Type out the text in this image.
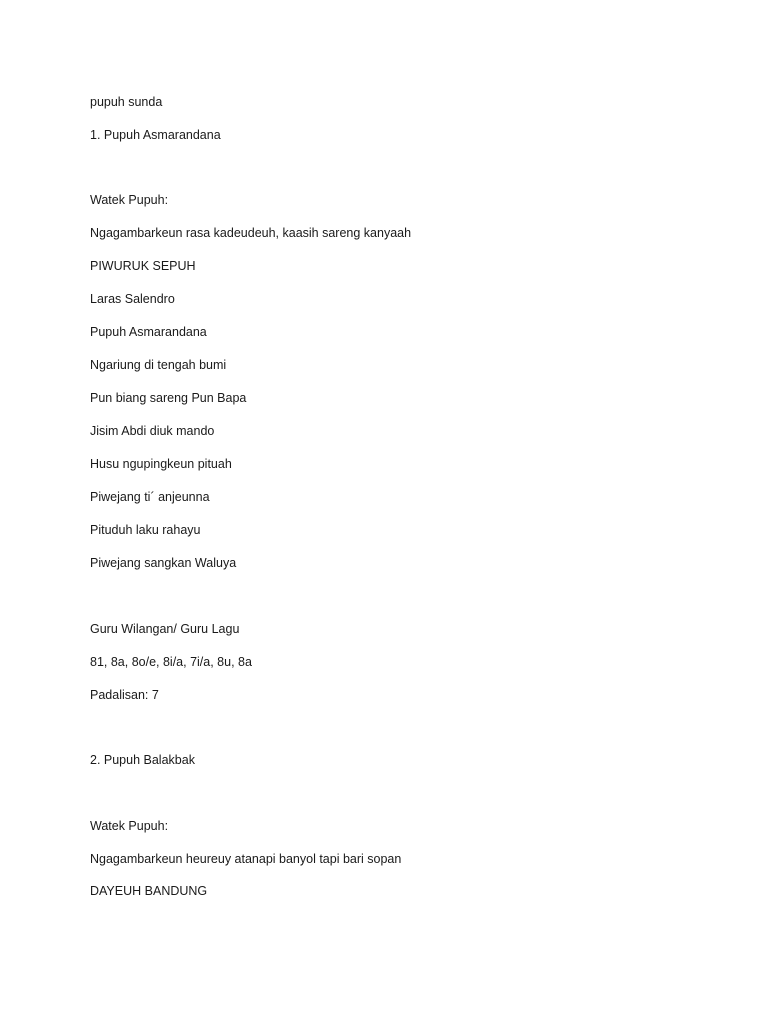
pupuh sunda

1. Pupuh Asmarandana

Watek Pupuh:

Ngagambarkeun rasa kadeudeuh, kaasih sareng kanyaah

PIWURUK SEPUH

Laras Salendro

Pupuh Asmarandana

Ngariung di tengah bumi

Pun biang sareng Pun Bapa

Jisim Abdi diuk mando

Husu ngupingkeun pituah

Piwejang ti´ anjeunna

Pituduh laku rahayu

Piwejang sangkan Waluya

Guru Wilangan/ Guru Lagu

81, 8a, 8o/e, 8i/a, 7i/a, 8u, 8a

Padalisan: 7

2. Pupuh Balakbak

Watek Pupuh:

Ngagambarkeun heureuy atanapi banyol tapi bari sopan

DAYEUH BANDUNG
